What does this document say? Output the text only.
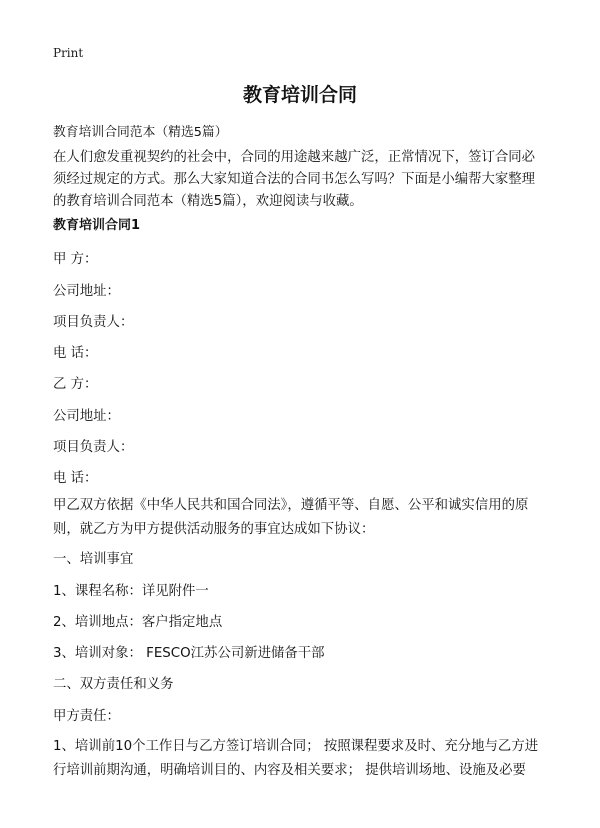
Print
教育培训合同
教育培训合同范本（精选5篇）

在人们愈发重视契约的社会中，合同的用途越来越广泛，正常情况下，签订合同必
须经过规定的方式。那么大家知道合法的合同书怎么写吗？下面是小编帮大家整理
的教育培训合同范本（精选5篇），欢迎阅读与收藏。

教育培训合同1
甲 方：
公司地址：
项目负责人：
电 话：
乙 方：
公司地址：
项目负责人：
电 话：

甲乙双方依据《中华人民共和国合同法》，遵循平等、自愿、公平和诚实信用的原
则，就乙方为甲方提供活动服务的事宜达成如下协议：

一、培训事宜
1、课程名称：详见附件一
2、培训地点：客户指定地点
3、培训对象： FESCO江苏公司新进储备干部
二、双方责任和义务
甲方责任：

1、培训前10个工作日与乙方签订培训合同； 按照课程要求及时、充分地与乙方进
行培训前期沟通，明确培训目的、内容及相关要求； 提供培训场地、设施及必要
